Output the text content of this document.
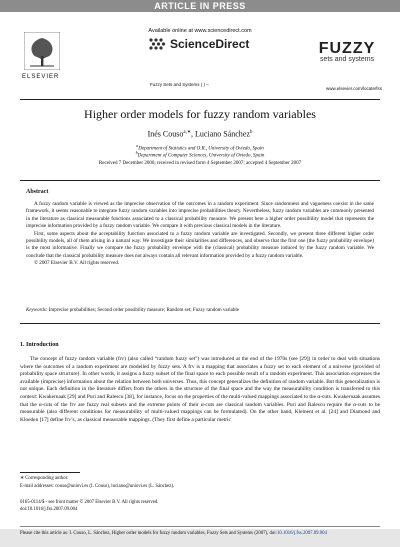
ARTICLE IN PRESS
ELSEVIER
Available online at www.sciencedirect.com
ScienceDirect
Fuzzy Sets and Systems ( ) –
FUZZY
sets and systems
www.elsevier.com/locate/fss
Higher order models for fuzzy random variables
Inés Couso$^{a,∗}$, Luciano Sánchez$^b$
$^a$Department of Statistics and O.R., University of Oviedo, Spain
$^b$Department of Computer Sciences, University of Oviedo, Spain
Received 7 December 2006; received in revised form 4 September 2007; accepted 4 September 2007
Abstract

A fuzzy random variable is viewed as the imprecise observation of the outcomes in a random experiment. Since randomness and vagueness coexist in the same framework, it seems reasonable to integrate fuzzy random variables into imprecise probabilities theory. Nevertheless, fuzzy random variables are commonly presented in the literature as classical measurable functions associated to a classical probability measure. We present here a higher order possibility model that represents the imprecise information provided by a fuzzy random variable. We compare it with previous classical models in the literature.

First, some aspects about the acceptability function associated to a fuzzy random variable are investigated. Secondly, we present three different higher order possibility models, all of them arising in a natural way. We investigate their similarities and differences, and observe that the first one (the fuzzy probability envelope) is the most informative. Finally we compare the fuzzy probability envelope with the (classical) probability measure induced by the fuzzy random variable. We conclude that the classical probability measure does not always contain all relevant information provided by a fuzzy random variable.

© 2007 Elsevier B.V. All rights reserved.

Keywords: Imprecise probabilities; Second order possibility measure; Random set; Fuzzy random variable
1. Introduction
The concept of fuzzy random variable (frv) (also called “random fuzzy set”) was introduced at the end of the 1970s (see [29]) in order to deal with situations where the outcomes of a random experiment are modelled by fuzzy sets. A frv is a mapping that associates a fuzzy set to each element of a universe (provided of probability space structure). In other words, it assigns a fuzzy subset of the final space to each possible result of a random experiment. This association expresses the available (imprecise) information about the relation between both universes. Thus, this concept generalizes the definition of random variable. But this generalization is not unique. Each definition in the literature differs from the others in the structure of the final space and the way the measurability condition is transferred to this context: Kwakernaak [29] and Puri and Ralescu [38], for instance, focus on the properties of the multi-valued mappings associated to the α-cuts. Kwakernaak assumes that the α-cuts of the frv are fuzzy real subsets and the extreme points of their α-cuts are classical random variables. Puri and Ralescu require the α-cuts to be measurable (also different conditions for measurability of multi-valued mappings can be formulated). On the other hand, Klement et al. [24] and Diamond and Kloeden [17] define frv’s, as classical measurable mappings. (They first define a particular metric
∗ Corresponding author.
E-mail addresses: couso@uniovi.es (I. Couso), luciano@uniovi.es (L. Sánchez).
0165-0114/$ - see front matter © 2007 Elsevier B.V. All rights reserved.
doi:10.1016/j.fss.2007.09.004
Please cite this article as: I. Couso, L. Sánchez, Higher order models for fuzzy random variables, Fuzzy Sets and Systems (2007), doi:10.1016/j.fss.2007.09.004
